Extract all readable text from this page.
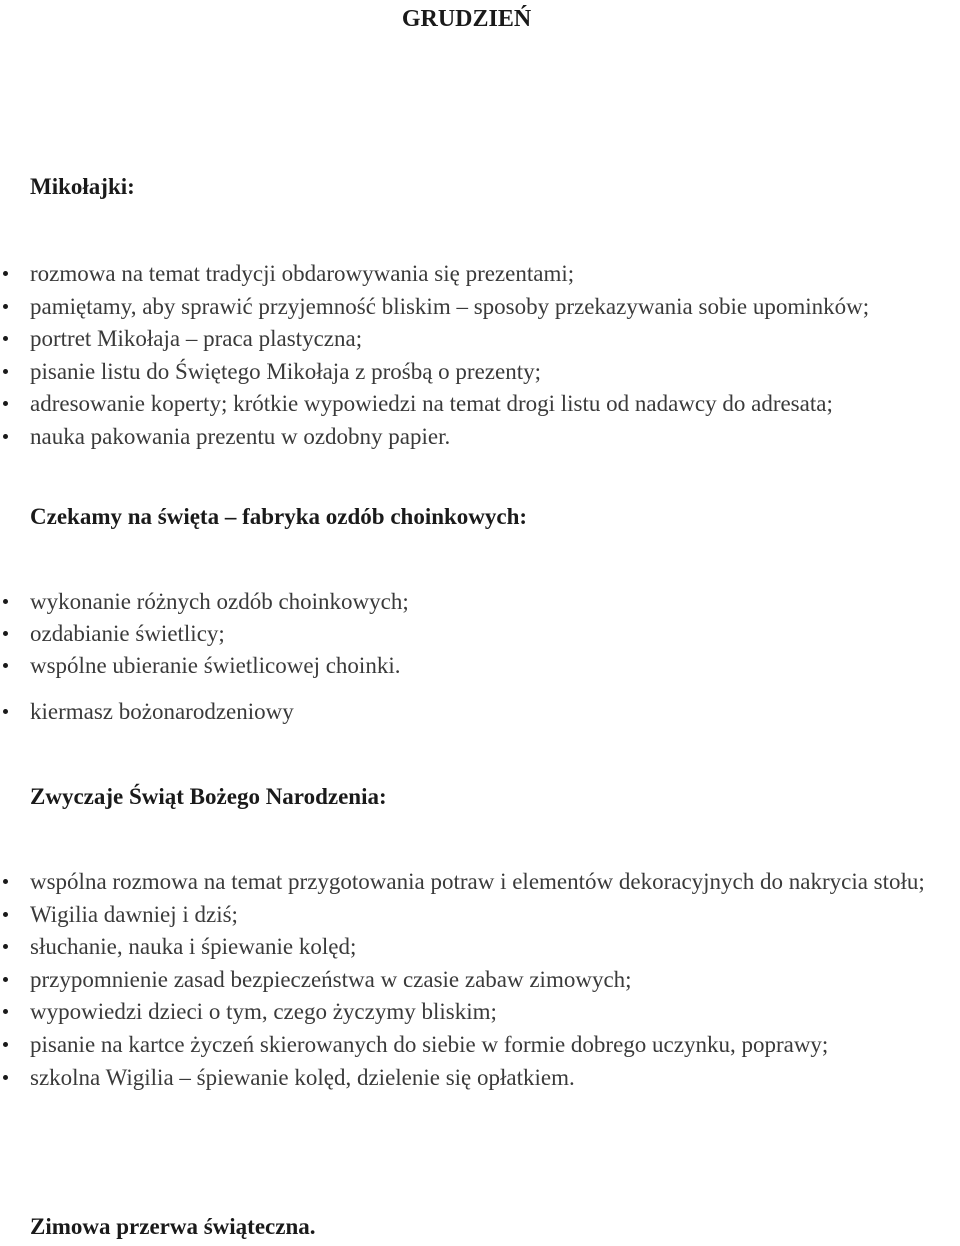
GRUDZIEŃ
Mikołajki:
rozmowa na temat tradycji obdarowywania się prezentami;
pamiętamy, aby sprawić przyjemność bliskim – sposoby przekazywania sobie upominków;
portret Mikołaja – praca plastyczna;
pisanie listu do Świętego Mikołaja z prośbą o prezenty;
adresowanie koperty; krótkie wypowiedzi na temat drogi listu od nadawcy do adresata;
nauka pakowania prezentu w ozdobny papier.
Czekamy na święta – fabryka ozdób choinkowych:
wykonanie różnych ozdób choinkowych;
ozdabianie świetlicy;
wspólne ubieranie świetlicowej choinki.
kiermasz bożonarodzeniowy
Zwyczaje Świąt Bożego Narodzenia:
wspólna rozmowa na temat przygotowania potraw i elementów dekoracyjnych do nakrycia stołu;
Wigilia dawniej i dziś;
słuchanie, nauka i śpiewanie kolęd;
przypomnienie zasad bezpieczeństwa w czasie zabaw zimowych;
wypowiedzi dzieci o tym, czego życzymy bliskim;
pisanie na kartce życzeń skierowanych do siebie w formie dobrego uczynku, poprawy;
szkolna Wigilia – śpiewanie kolęd, dzielenie się opłatkiem.
Zimowa przerwa świąteczna.
